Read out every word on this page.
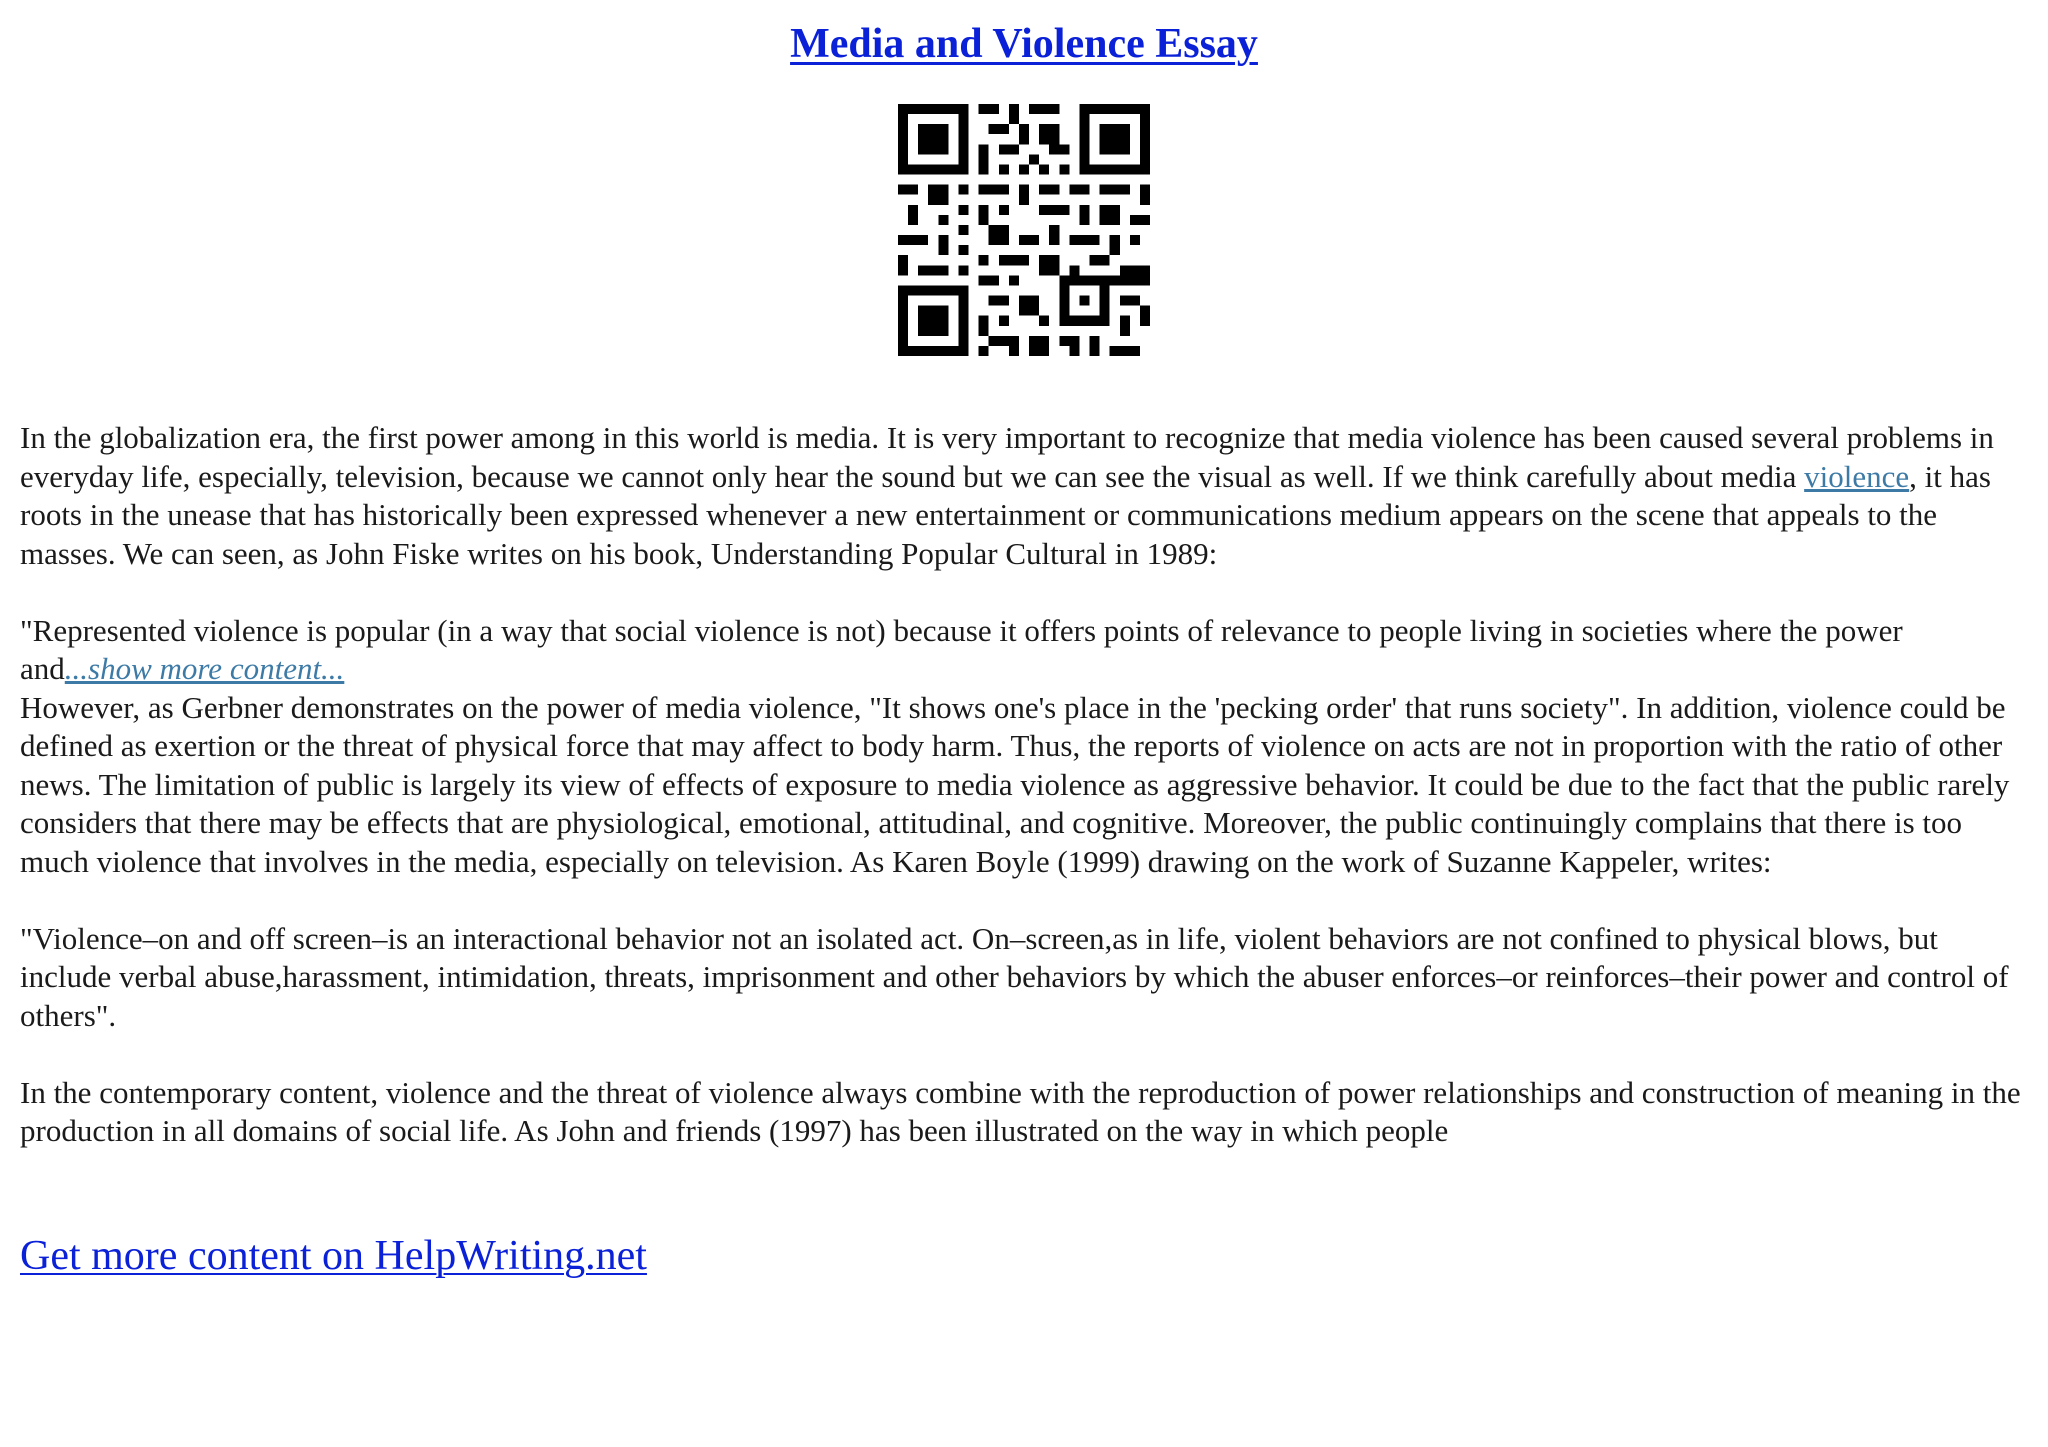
Media and Violence Essay

In the globalization era, the first power among in this world is media. It is very important to recognize that media violence has been caused several problems in everyday life, especially, television, because we cannot only hear the sound but we can see the visual as well. If we think carefully about media violence, it has roots in the unease that has historically been expressed whenever a new entertainment or communications medium appears on the scene that appeals to the masses. We can seen, as John Fiske writes on his book, Understanding Popular Cultural in 1989:

"Represented violence is popular (in a way that social violence is not) because it offers points of relevance to people living in societies where the power and...show more content...

However, as Gerbner demonstrates on the power of media violence, "It shows one's place in the 'pecking order' that runs society". In addition, violence could be defined as exertion or the threat of physical force that may affect to body harm. Thus, the reports of violence on acts are not in proportion with the ratio of other news. The limitation of public is largely its view of effects of exposure to media violence as aggressive behavior. It could be due to the fact that the public rarely considers that there may be effects that are physiological, emotional, attitudinal, and cognitive. Moreover, the public continuingly complains that there is too much violence that involves in the media, especially on television. As Karen Boyle (1999) drawing on the work of Suzanne Kappeler, writes:

"Violence–on and off screen–is an interactional behavior not an isolated act. On–screen,as in life, violent behaviors are not confined to physical blows, but include verbal abuse,harassment, intimidation, threats, imprisonment and other behaviors by which the abuser enforces–or reinforces–their power and control of others".

In the contemporary content, violence and the threat of violence always combine with the reproduction of power relationships and construction of meaning in the production in all domains of social life. As John and friends (1997) has been illustrated on the way in which people

Get more content on HelpWriting.net
